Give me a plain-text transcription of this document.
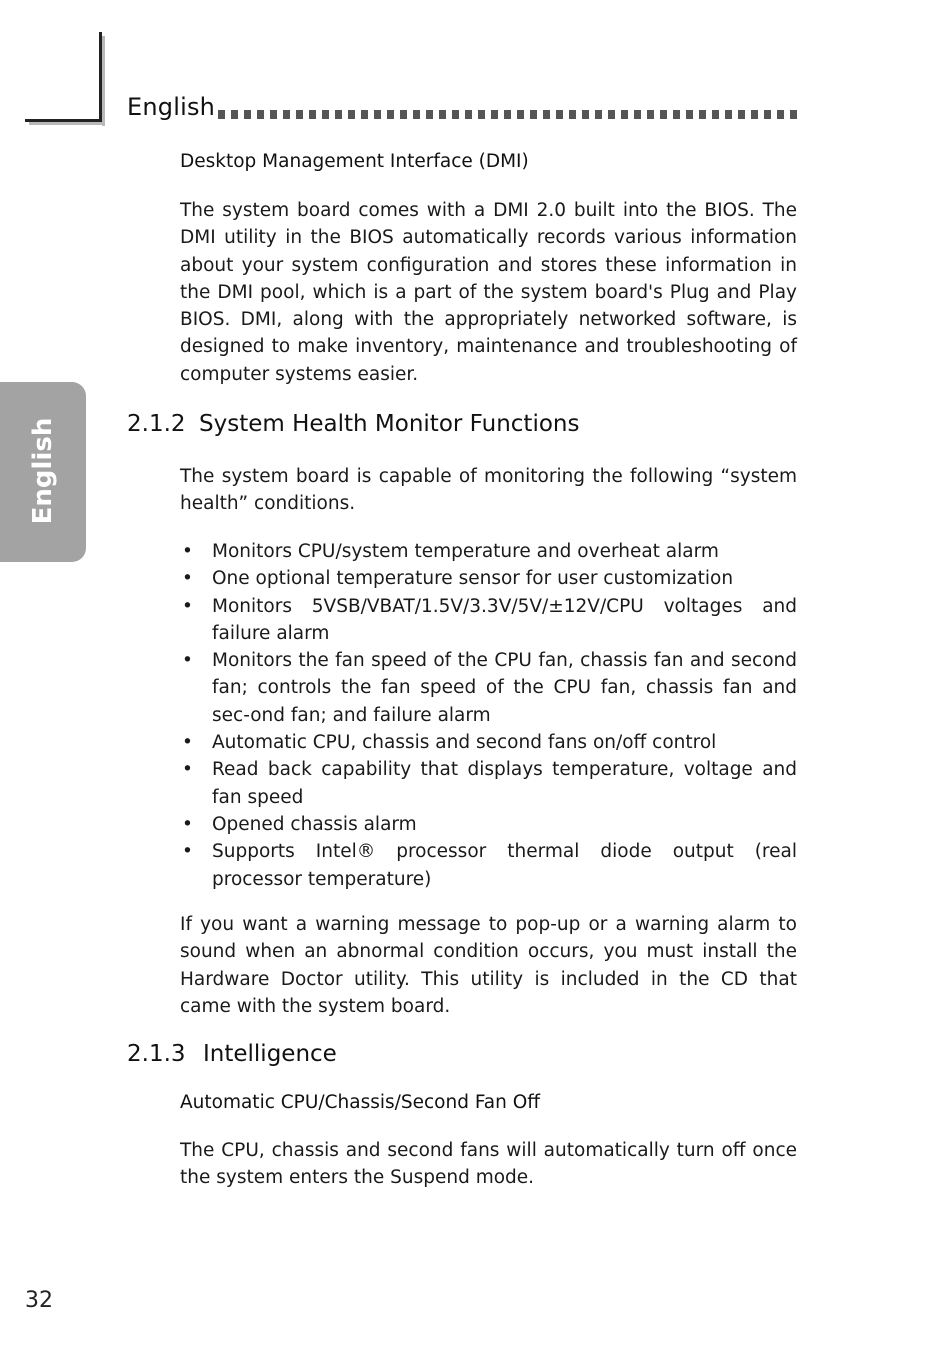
English
English
Desktop Management Interface (DMI)

The system board comes with a DMI 2.0 built into the BIOS. The DMI utility in the BIOS automatically records various information about your system configuration and stores these information in the DMI pool, which is a part of the system board's Plug and Play BIOS. DMI, along with the appropriately networked software, is designed to make inventory, maintenance and troubleshooting of computer systems easier.

2.1.2 System Health Monitor Functions

The system board is capable of monitoring the following “system health” conditions.

• Monitors CPU/system temperature and overheat alarm
• One optional temperature sensor for user customization
• Monitors 5VSB/VBAT/1.5V/3.3V/5V/±12V/CPU voltages and failure alarm
• Monitors the fan speed of the CPU fan, chassis fan and second fan; controls the fan speed of the CPU fan, chassis fan and sec-ond fan; and failure alarm
• Automatic CPU, chassis and second fans on/off control
• Read back capability that displays temperature, voltage and fan speed
• Opened chassis alarm
• Supports Intel® processor thermal diode output (real processor temperature)

If you want a warning message to pop-up or a warning alarm to sound when an abnormal condition occurs, you must install the Hardware Doctor utility. This utility is included in the CD that came with the system board.

2.1.3 Intelligence
Automatic CPU/Chassis/Second Fan Off

The CPU, chassis and second fans will automatically turn off once the system enters the Suspend mode.

32
